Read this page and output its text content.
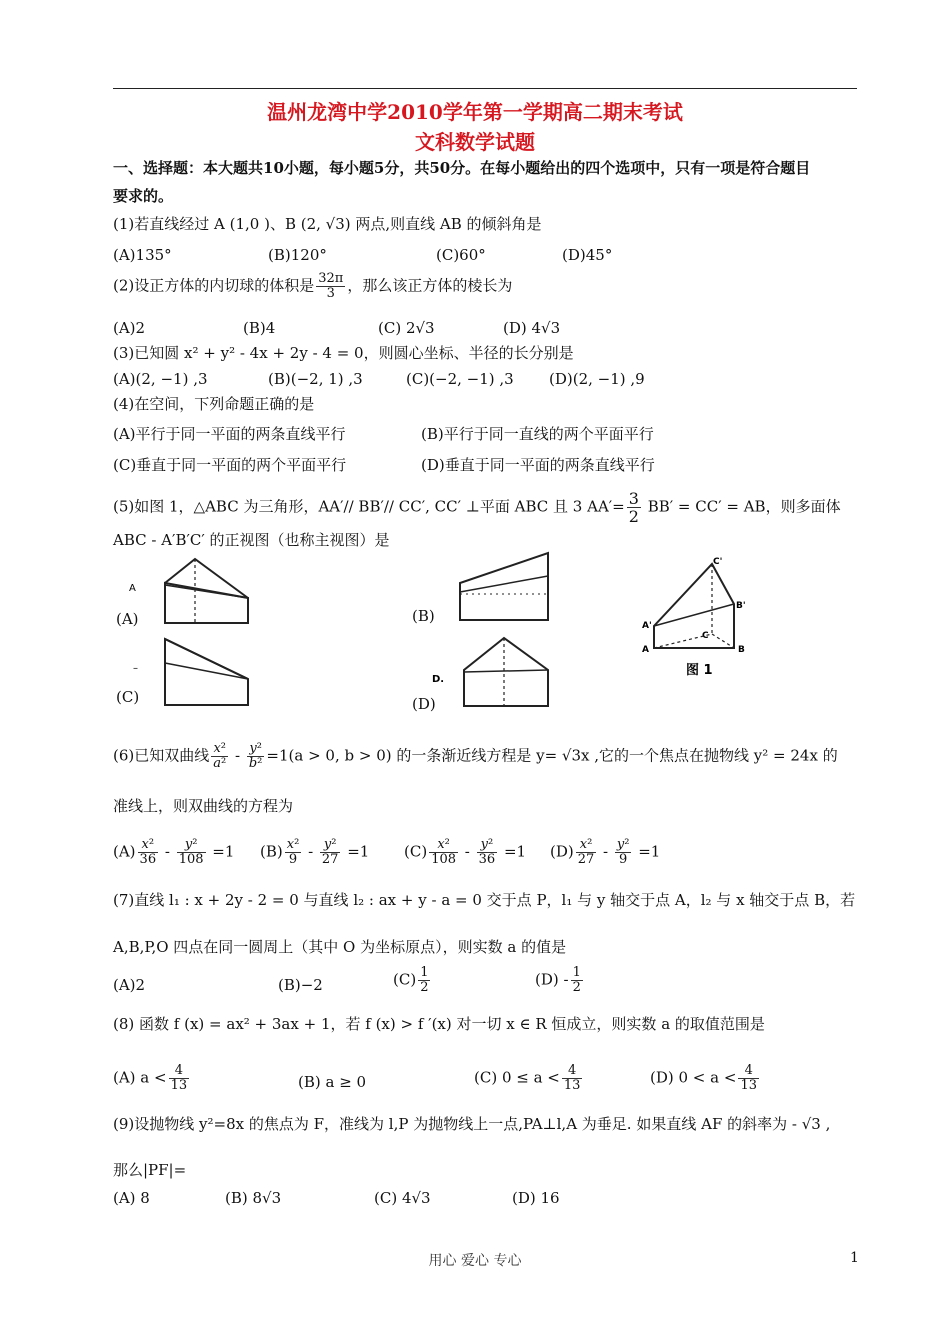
温州龙湾中学2010学年第一学期高二期末考试
文科数学试题
一、选择题：本大题共10小题，每小题5分，共50分。在每小题给出的四个选项中，只有一项是符合题目
要求的。
(1)若直线经过 A (1,0 )、B (2, √3) 两点,则直线 AB 的倾斜角是
(A)135°	(B)120°	(C)60°	(D)45°
(2)设正方体的内切球的体积是 $\frac{32\pi}{3}$ ，那么该正方体的棱长为
(A)2	(B)4	(C) 2√3	(D) 4√3
(3)已知圆 x² + y² - 4x + 2y - 4 = 0，则圆心坐标、半径的长分别是
(A)(2, −1) ,3	(B)(−2, 1) ,3	(C)(−2, −1) ,3 (D)(2, −1) ,9
(4)在空间，下列命题正确的是
(A)平行于同一平面的两条直线平行	(B)平行于同一直线的两个平面平行
(C)垂直于同一平面的两个平面平行	(D)垂直于同一平面的两条直线平行
(5)如图 1，△ABC 为三角形，AA′// BB′// CC′, CC′ ⊥平面 ABC 且 3 $AA'= \frac{3}{2} BB' = CC'$ = AB，则多面体
ABC - A′B′C′ 的正视图（也称主视图）是
A
(A)	(B)
C'
B'
A'
C
A	B
图 1
–
(C)
D.
(D)
(6)已知双曲线 $\frac{\text{x²}}{\text{a²}} - \frac{\text{y²}}{\text{b²}} =1(a > 0$, b > 0) 的一条渐近线方程是 y= √3x ,它的一个焦点在抛物线 y² = 24x 的
准线上，则双曲线的方程为
$(A) \frac{\text{x²}}{36} - \frac{\text{y²}}{108} =1$ $(B) \frac{\text{x²}}{9} - \frac{\text{y²}}{27} =1$ $(C) \frac{\text{x²}}{108} - \frac{\text{y²}}{36} =1$ $(D) \frac{\text{x²}}{27} - \frac{\text{y²}}{9} =1$
(7)直线 l₁ : x + 2y - 2 = 0 与直线 l₂ : ax + y - a = 0 交于点 P，l₁ 与 y 轴交于点 A，l₂ 与 x 轴交于点 B，若
A,B,P,O 四点在同一圆周上（其中 O 为坐标原点），则实数 a 的值是
(A)2	(B)−2	$(C) \frac{1}{2}$	$(D) - \frac{1}{2}$
(8) 函数 f (x) = ax² + 3ax + 1，若 f (x) > f ′(x) 对一切 x ∈ R 恒成立，则实数 a 的取值范围是
(A) $a < \frac{4}{13}$	(B) a ≥ 0	(C) $0 \le a < \frac{4}{13}$	(D) $0 < a < \frac{4}{13}$
(9)设抛物线 y²=8x 的焦点为 F，准线为 l,P 为抛物线上一点,PA⊥l,A 为垂足. 如果直线 AF 的斜率为 - √3 ,
那么|PF|=
(A) 8	(B) 8√3	(C) 4√3	(D) 16
用心 爱心 专心	1
